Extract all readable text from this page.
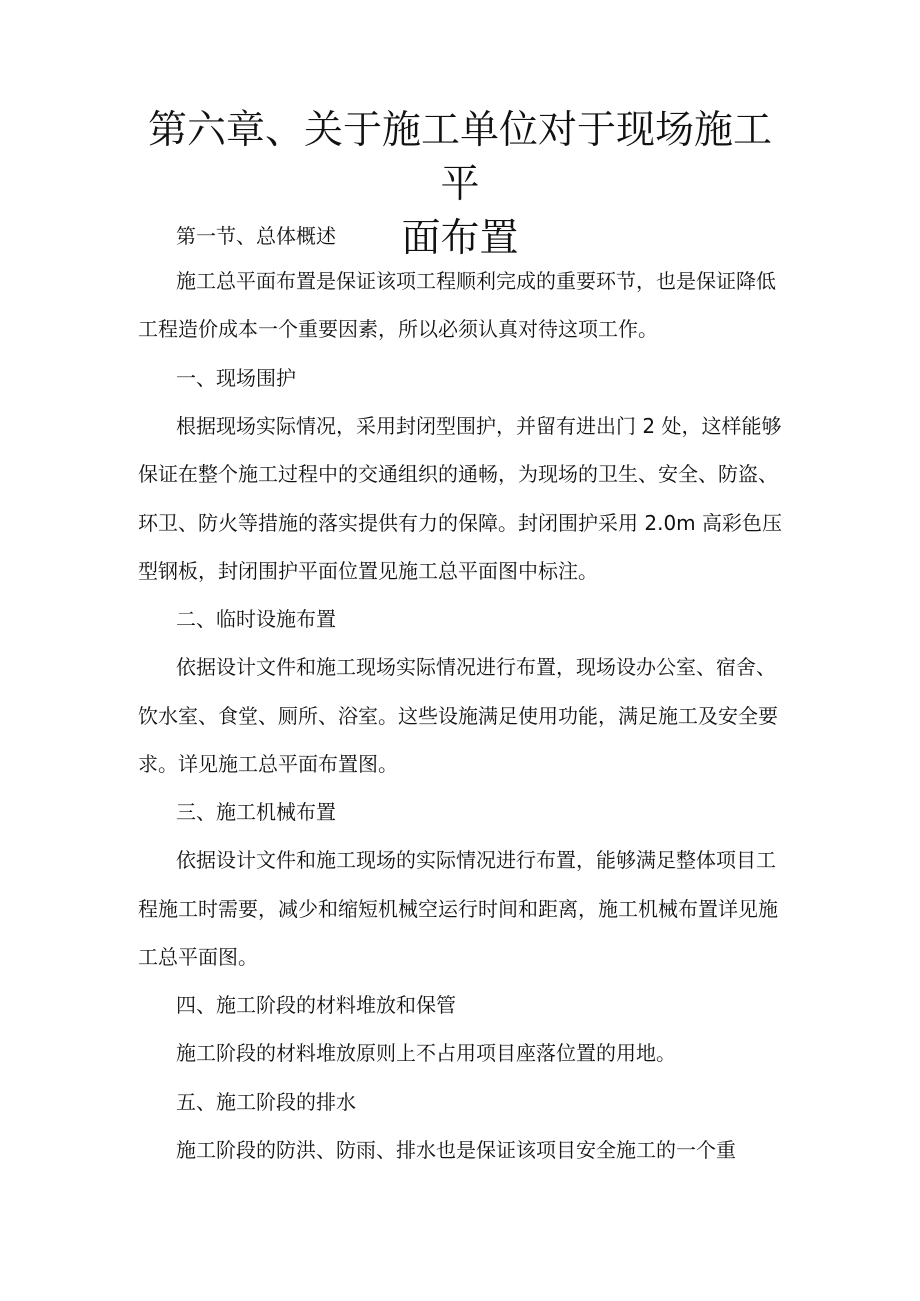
第六章、关于施工单位对于现场施工平
面布置

第一节、总体概述

施工总平面布置是保证该项工程顺利完成的重要环节，也是保证降低

工程造价成本一个重要因素，所以必须认真对待这项工作。

一、现场围护

根据现场实际情况，采用封闭型围护，并留有进出门 2 处，这样能够

保证在整个施工过程中的交通组织的通畅，为现场的卫生、安全、防盗、

环卫、防火等措施的落实提供有力的保障。封闭围护采用 2.0m 高彩色压

型钢板，封闭围护平面位置见施工总平面图中标注。

二、临时设施布置

依据设计文件和施工现场实际情况进行布置，现场设办公室、宿舍、

饮水室、食堂、厕所、浴室。这些设施满足使用功能，满足施工及安全要

求。详见施工总平面布置图。

三、施工机械布置

依据设计文件和施工现场的实际情况进行布置，能够满足整体项目工

程施工时需要，减少和缩短机械空运行时间和距离，施工机械布置详见施

工总平面图。

四、施工阶段的材料堆放和保管

施工阶段的材料堆放原则上不占用项目座落位置的用地。

五、施工阶段的排水

施工阶段的防洪、防雨、排水也是保证该项目安全施工的一个重
